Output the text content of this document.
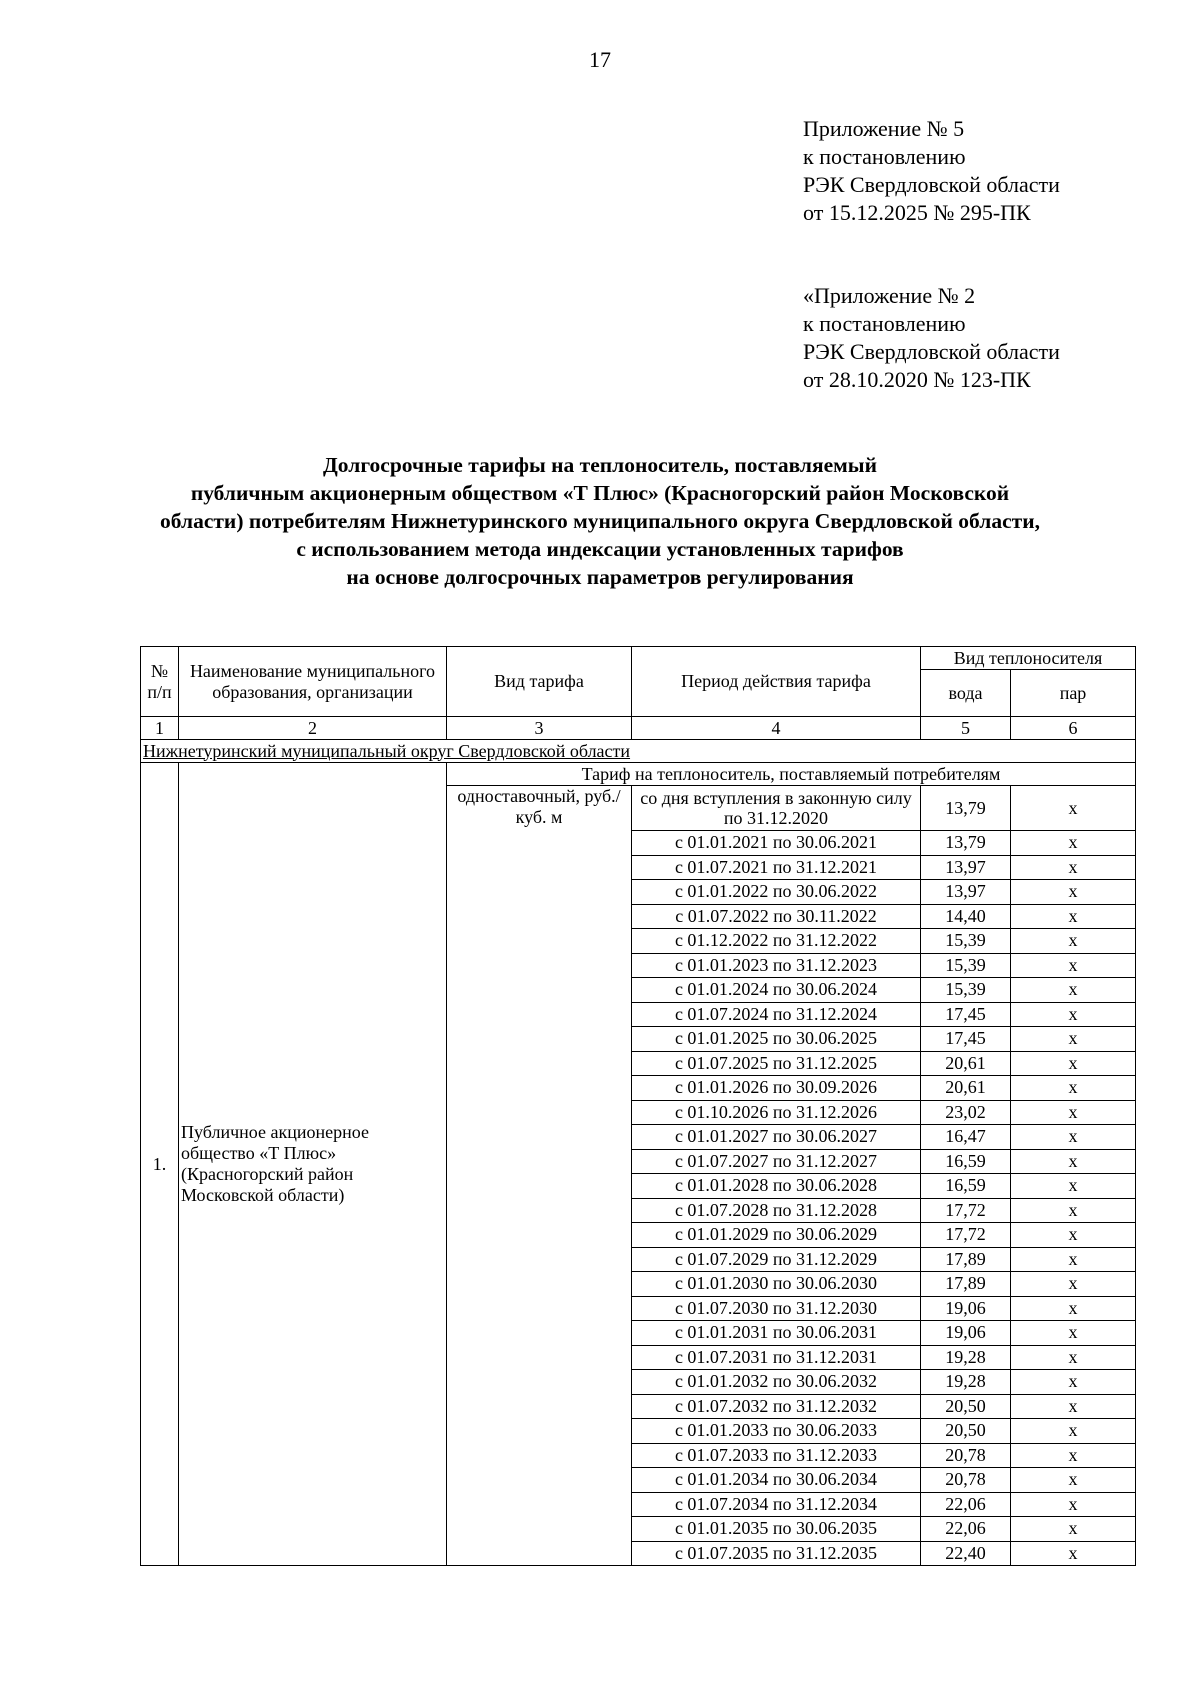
17
Приложение № 5
к постановлению
РЭК Свердловской области
от 15.12.2025 № 295-ПК
«Приложение № 2
к постановлению
РЭК Свердловской области
от 28.10.2020 № 123-ПК
Долгосрочные тарифы на теплоноситель, поставляемый
публичным акционерным обществом «Т Плюс» (Красногорский район Московской
области) потребителям Нижнетуринского муниципального округа Свердловской области,
с использованием метода индексации установленных тарифов
на основе долгосрочных параметров регулирования
№ п/п	Наименование муниципального образования, организации	Вид тарифа	Период действия тарифа	Вид теплоносителя	
				вода	пар
1	2	3	4	5	6
Нижнетуринский муниципальный округ Свердловской области					
1.	Публичное акционерное общество «Т Плюс» (Красногорский район Московской области)	Тариф на теплоноситель, поставляемый потребителям			
		одноставочный, руб./куб. м	со дня вступления в законную силу по 31.12.2020	13,79	х
			с 01.01.2021 по 30.06.2021	13,79	х
			с 01.07.2021 по 31.12.2021	13,97	х
			с 01.01.2022 по 30.06.2022	13,97	х
			с 01.07.2022 по 30.11.2022	14,40	х
			с 01.12.2022 по 31.12.2022	15,39	х
			с 01.01.2023 по 31.12.2023	15,39	х
			с 01.01.2024 по 30.06.2024	15,39	х
			с 01.07.2024 по 31.12.2024	17,45	х
			с 01.01.2025 по 30.06.2025	17,45	х
			с 01.07.2025 по 31.12.2025	20,61	х
			с 01.01.2026 по 30.09.2026	20,61	х
			с 01.10.2026 по 31.12.2026	23,02	х
			с 01.01.2027 по 30.06.2027	16,47	х
			с 01.07.2027 по 31.12.2027	16,59	х
			с 01.01.2028 по 30.06.2028	16,59	х
			с 01.07.2028 по 31.12.2028	17,72	х
			с 01.01.2029 по 30.06.2029	17,72	х
			с 01.07.2029 по 31.12.2029	17,89	х
			с 01.01.2030 по 30.06.2030	17,89	х
			с 01.07.2030 по 31.12.2030	19,06	х
			с 01.01.2031 по 30.06.2031	19,06	х
			с 01.07.2031 по 31.12.2031	19,28	х
			с 01.01.2032 по 30.06.2032	19,28	х
			с 01.07.2032 по 31.12.2032	20,50	х
			с 01.01.2033 по 30.06.2033	20,50	х
			с 01.07.2033 по 31.12.2033	20,78	х
			с 01.01.2034 по 30.06.2034	20,78	х
			с 01.07.2034 по 31.12.2034	22,06	х
			с 01.01.2035 по 30.06.2035	22,06	х
			с 01.07.2035 по 31.12.2035	22,40	х
